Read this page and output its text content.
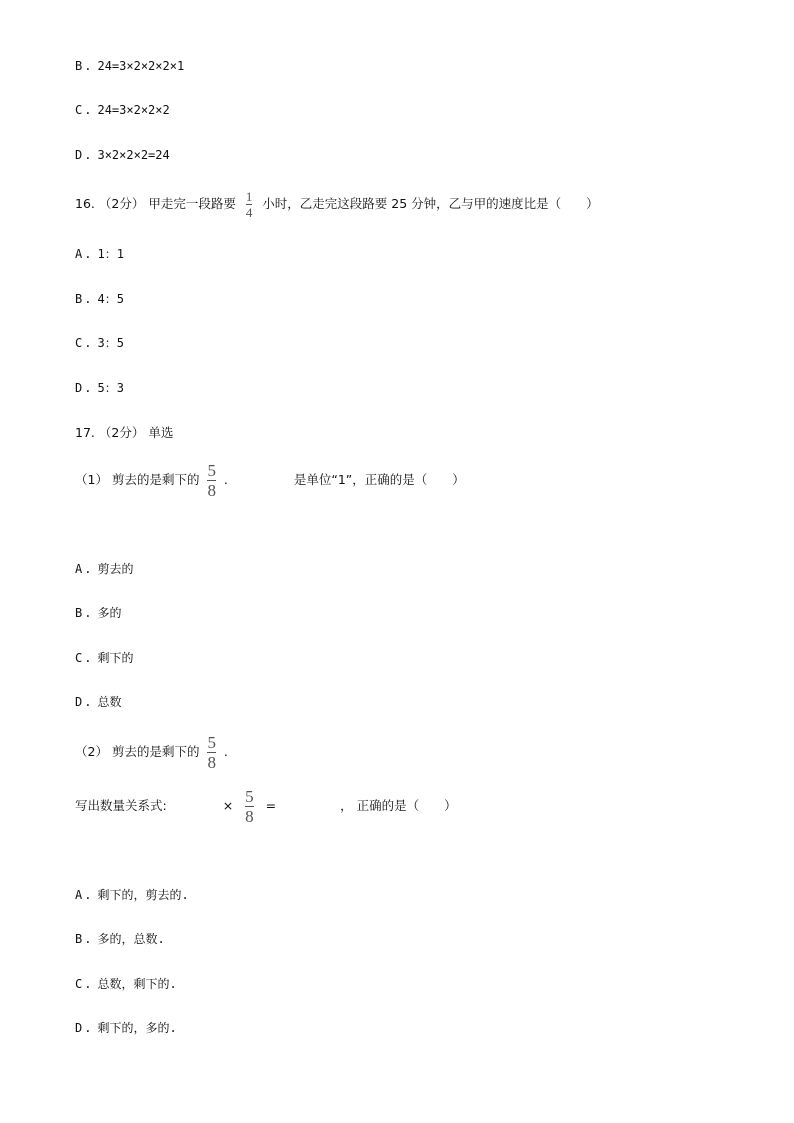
B . 24=3×2×2×2×1
C . 24=3×2×2×2
D . 3×2×2×2=24
16. （2分） 甲走完一段路要 $\frac{1}{4}$ 小时，乙走完这段路要 25 分钟，乙与甲的速度比是（　　）
A . 1：1
B . 4：5
C . 3：5
D . 5：3
17. （2分） 单选
（1） 剪去的是剩下的 $\frac{5}{8}$ .	是单位“1”，正确的是（　　）
A . 剪去的
B . 多的
C . 剩下的
D . 总数
（2） 剪去的是剩下的 $\frac{5}{8}$ .
写出数量关系式:	× $\frac{5}{8}$ =	， 正确的是（　　）
A . 剩下的，剪去的.
B . 多的，总数.
C . 总数，剩下的.
D . 剩下的，多的.
